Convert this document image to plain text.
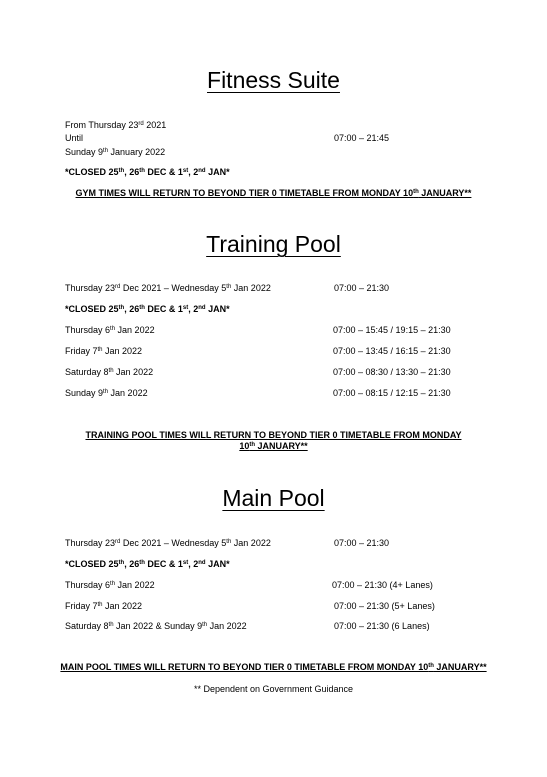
Fitness Suite
From Thursday 23rd 2021
Until	07:00 – 21:45
Sunday 9th January 2022
*CLOSED 25th, 26th DEC & 1st, 2nd JAN*
GYM TIMES WILL RETURN TO BEYOND TIER 0 TIMETABLE FROM MONDAY 10th JANUARY**
Training Pool
Thursday 23rd Dec 2021 – Wednesday 5th Jan 2022	07:00 – 21:30
*CLOSED 25th, 26th DEC & 1st, 2nd JAN*
Thursday 6th Jan 2022	07:00 – 15:45 / 19:15 – 21:30
Friday 7th Jan 2022	07:00 – 13:45 / 16:15 – 21:30
Saturday 8th Jan 2022	07:00 – 08:30 / 13:30 – 21:30
Sunday 9th Jan 2022	07:00 – 08:15 / 12:15 – 21:30
TRAINING POOL TIMES WILL RETURN TO BEYOND TIER 0 TIMETABLE FROM MONDAY 10th JANUARY**
Main Pool
Thursday 23rd Dec 2021 – Wednesday 5th Jan 2022	07:00 – 21:30
*CLOSED 25th, 26th DEC & 1st, 2nd JAN*
Thursday 6th Jan 2022	07:00 – 21:30 (4+ Lanes)
Friday 7th Jan 2022	07:00 – 21:30 (5+ Lanes)
Saturday 8th Jan 2022 & Sunday 9th Jan 2022	07:00 – 21:30 (6 Lanes)
MAIN POOL TIMES WILL RETURN TO BEYOND TIER 0 TIMETABLE FROM MONDAY 10th JANUARY**
** Dependent on Government Guidance
